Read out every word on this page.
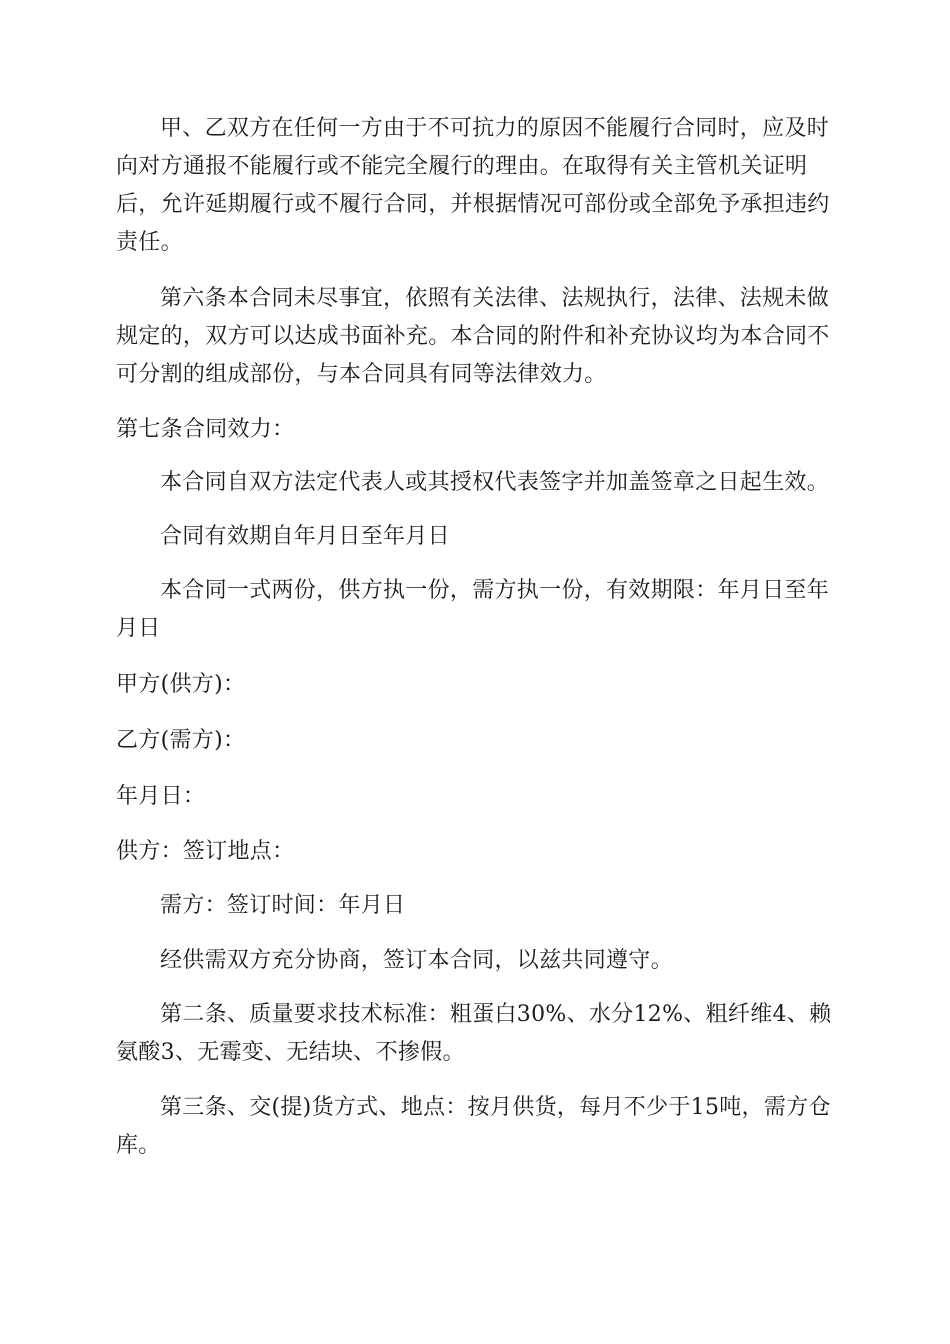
甲、乙双方在任何一方由于不可抗力的原因不能履行合同时，应及时向对方通报不能履行或不能完全履行的理由。在取得有关主管机关证明后，允许延期履行或不履行合同，并根据情况可部份或全部免予承担违约责任。

第六条本合同未尽事宜，依照有关法律、法规执行，法律、法规未做规定的，双方可以达成书面补充。本合同的附件和补充协议均为本合同不可分割的组成部份，与本合同具有同等法律效力。

第七条合同效力：

本合同自双方法定代表人或其授权代表签字并加盖签章之日起生效。

合同有效期自年月日至年月日

本合同一式两份，供方执一份，需方执一份，有效期限：年月日至年月日

甲方(供方)：

乙方(需方)：

年月日：

供方：签订地点：

需方：签订时间：年月日

经供需双方充分协商，签订本合同，以兹共同遵守。

第二条、质量要求技术标准：粗蛋白30%、水分12%、粗纤维4、赖氨酸3、无霉变、无结块、不掺假。

第三条、交(提)货方式、地点：按月供货，每月不少于15吨，需方仓库。
